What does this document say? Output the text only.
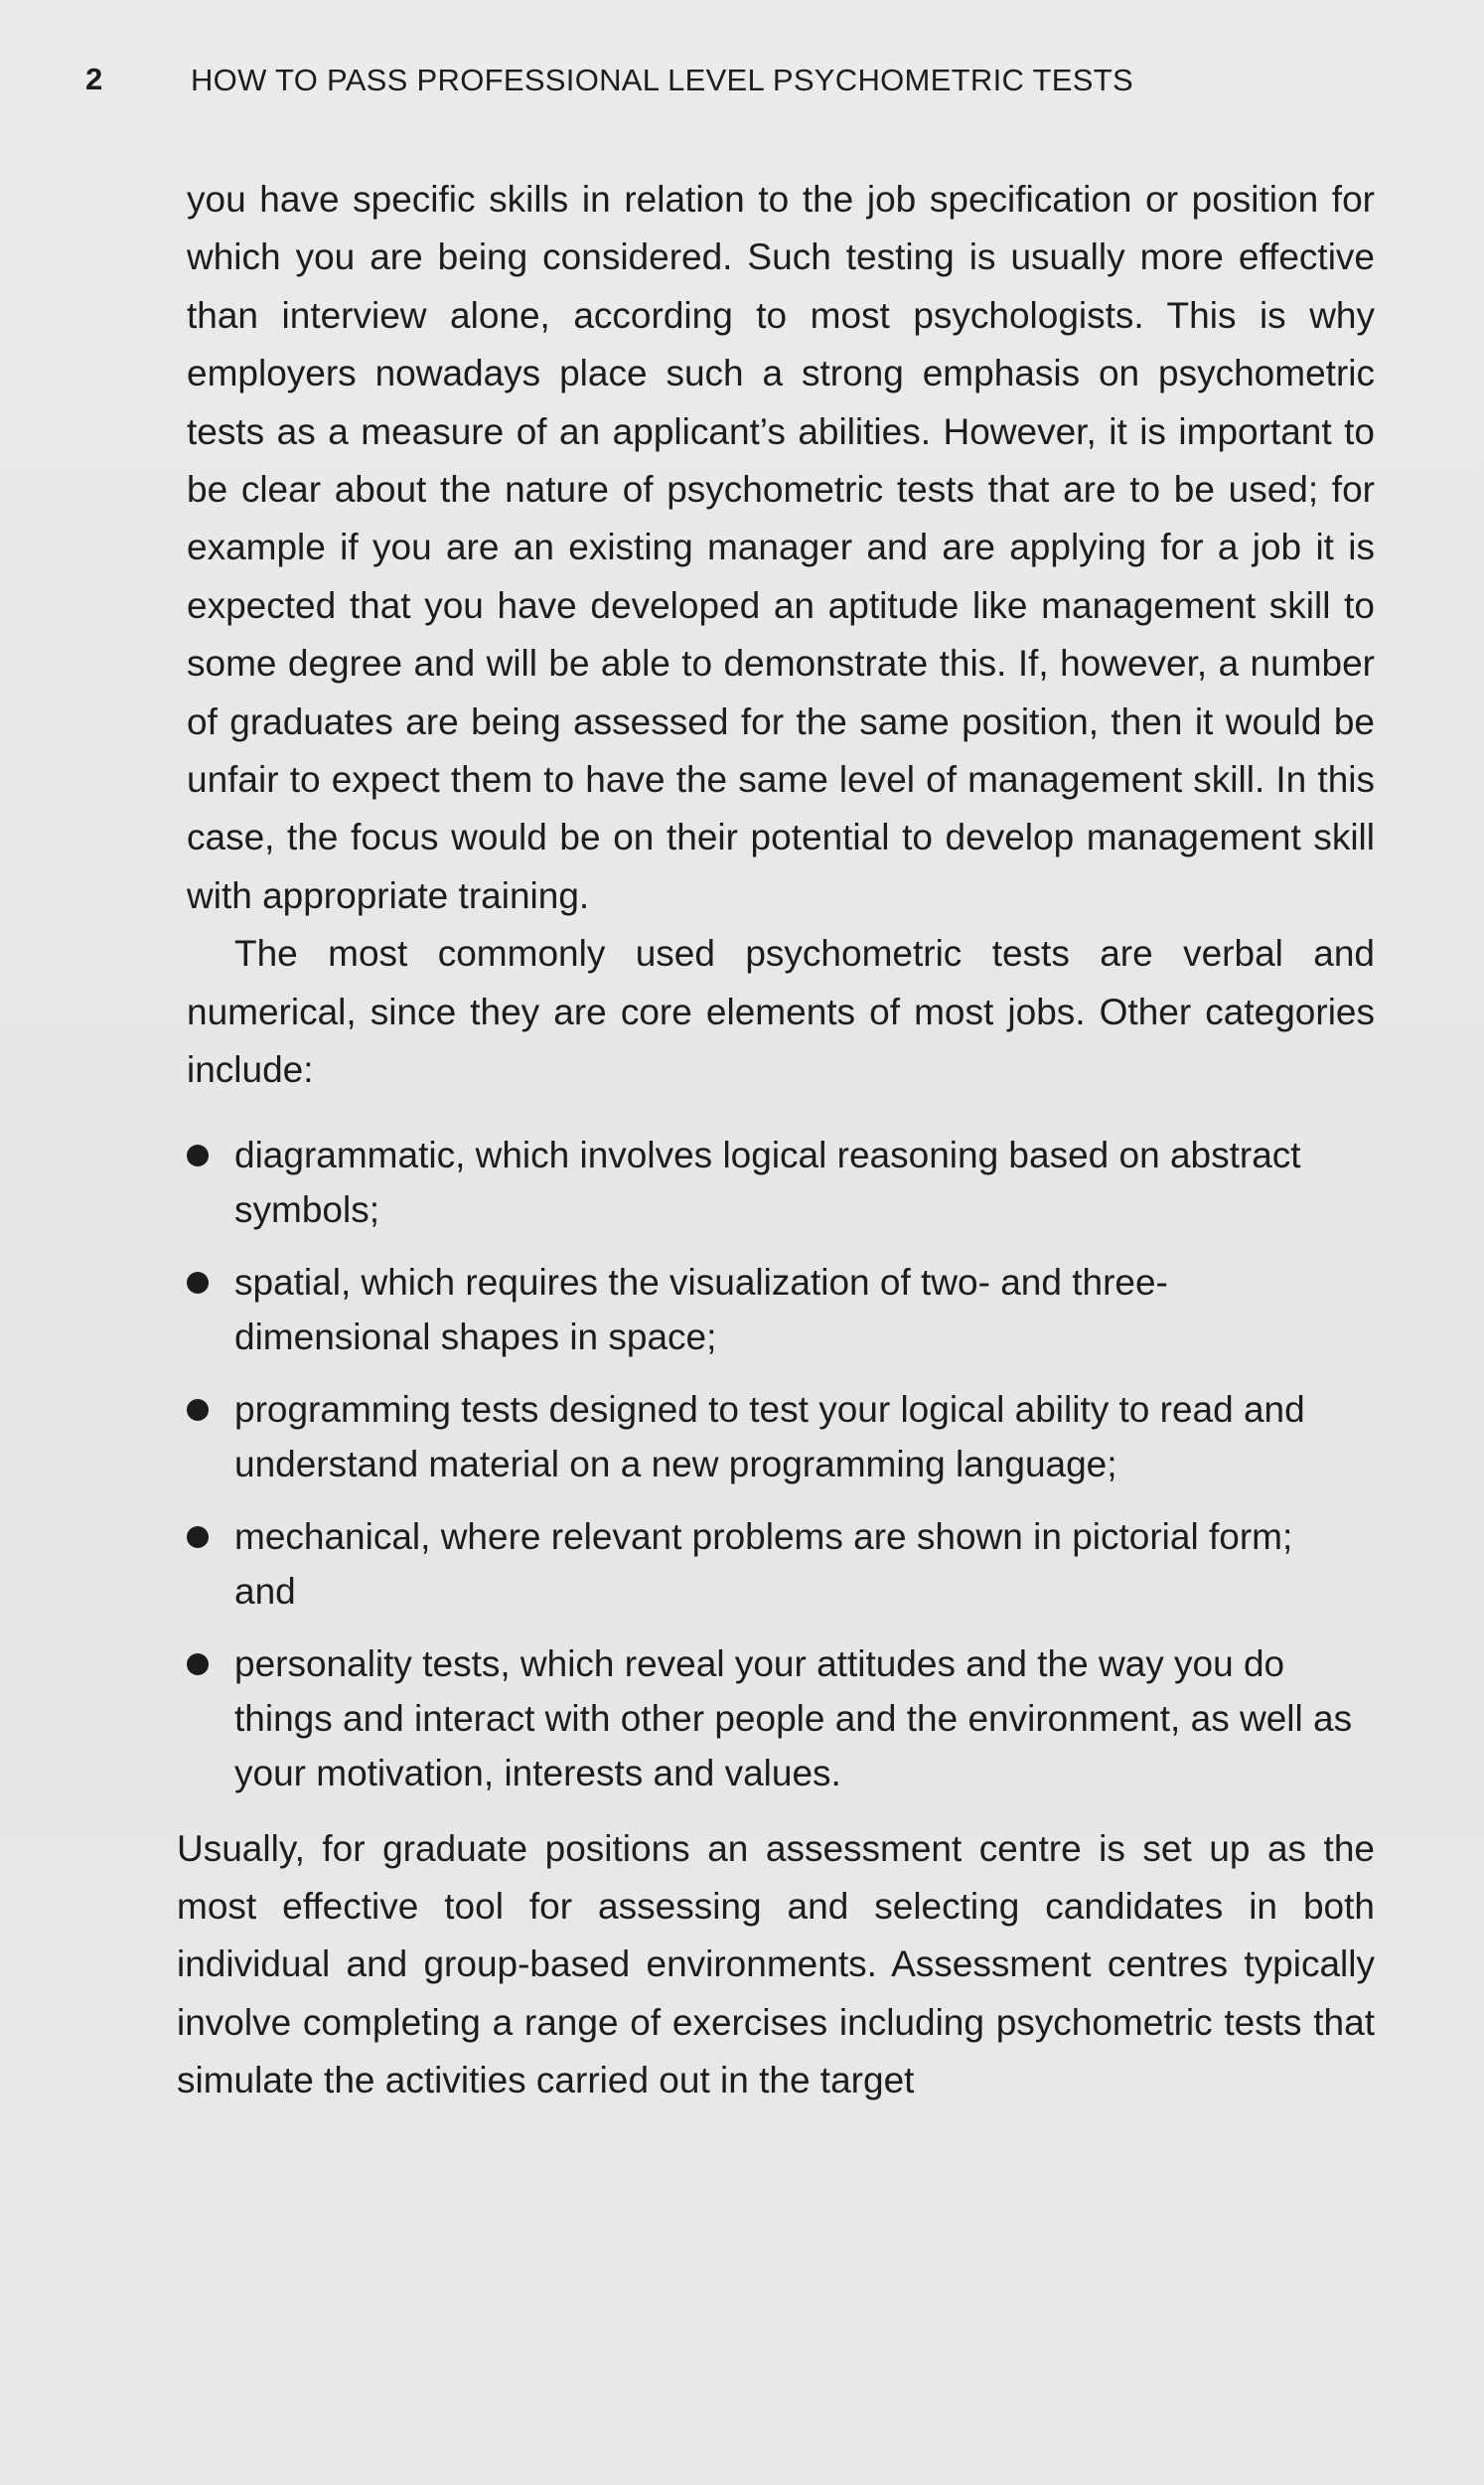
2	HOW TO PASS PROFESSIONAL LEVEL PSYCHOMETRIC TESTS

you have specific skills in relation to the job specification or position for which you are being considered. Such testing is usually more effective than interview alone, according to most psychologists. This is why employers nowadays place such a strong emphasis on psychometric tests as a measure of an applicant’s abilities. However, it is important to be clear about the nature of psychometric tests that are to be used; for example if you are an existing manager and are applying for a job it is expected that you have developed an aptitude like management skill to some degree and will be able to demonstrate this. If, however, a number of graduates are being assessed for the same position, then it would be unfair to expect them to have the same level of management skill. In this case, the focus would be on their potential to develop management skill with appropriate training.

The most commonly used psychometric tests are verbal and numerical, since they are core elements of most jobs. Other categories include:

diagrammatic, which involves logical reasoning based on abstract symbols;
spatial, which requires the visualization of two- and three-dimensional shapes in space;
programming tests designed to test your logical ability to read and understand material on a new programming language;
mechanical, where relevant problems are shown in pictorial form; and
personality tests, which reveal your attitudes and the way you do things and interact with other people and the environment, as well as your motivation, interests and values.

Usually, for graduate positions an assessment centre is set up as the most effective tool for assessing and selecting candidates in both individual and group-based environments. Assessment centres typically involve completing a range of exercises including psychometric tests that simulate the activities carried out in the target
